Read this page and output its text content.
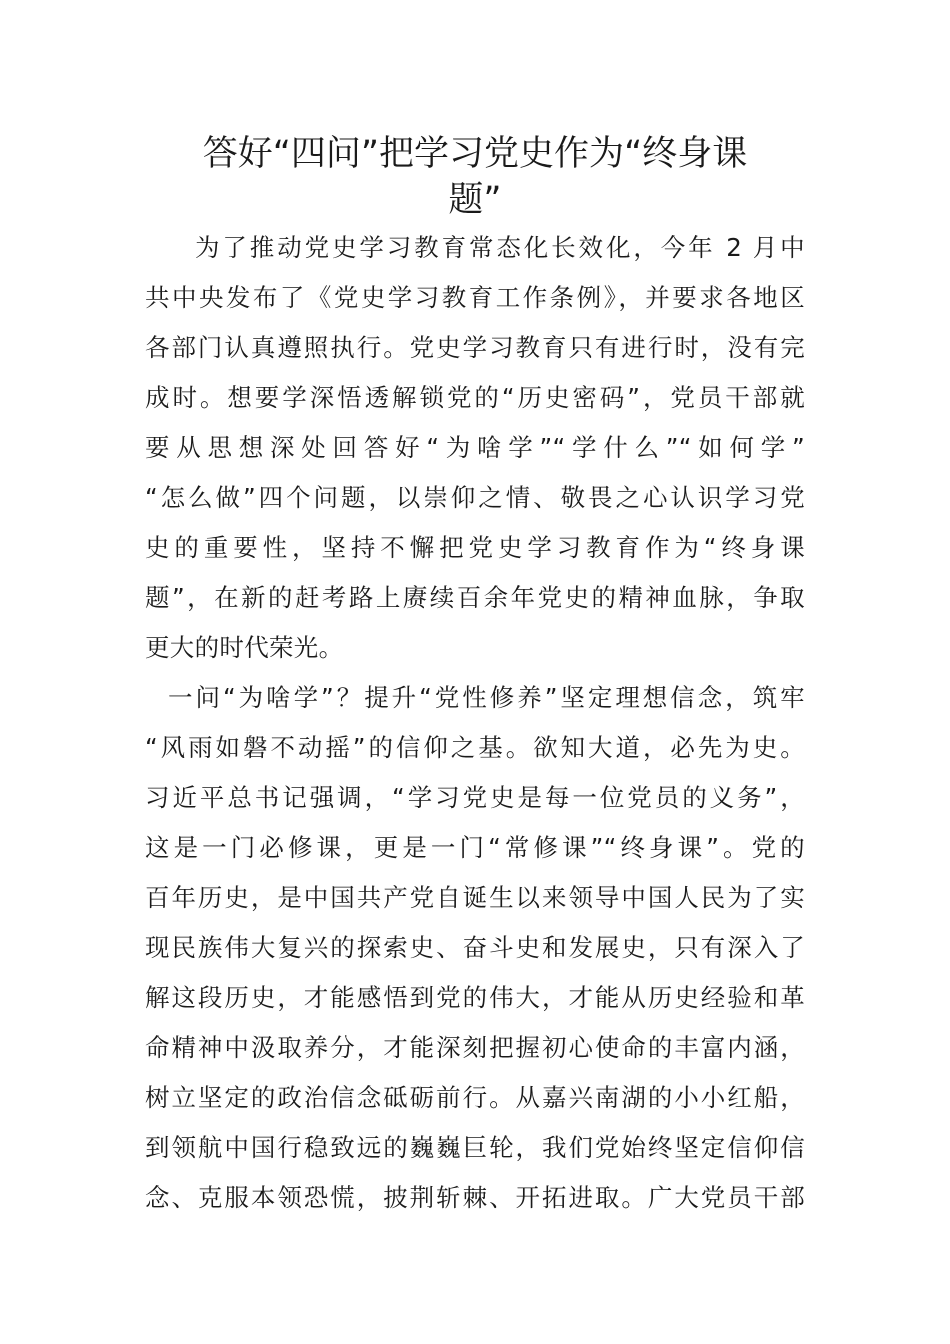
答好“四问”把学习党史作为“终身课
题”
为了推动党史学习教育常态化长效化，今年 2 月中
共中央发布了《党史学习教育工作条例》，并要求各地区
各部门认真遵照执行。党史学习教育只有进行时，没有完
成时。想要学深悟透解锁党的“历史密码”，党员干部就
要从思想深处回答好“为啥学”“学什么”“如何学”
“怎么做”四个问题，以崇仰之情、敬畏之心认识学习党
史的重要性，坚持不懈把党史学习教育作为“终身课
题”，在新的赶考路上赓续百余年党史的精神血脉，争取
更大的时代荣光。
一问“为啥学”？提升“党性修养”坚定理想信念，筑牢
“风雨如磐不动摇”的信仰之基。欲知大道，必先为史。
习近平总书记强调，“学习党史是每一位党员的义务”，
这是一门必修课，更是一门“常修课”“终身课”。党的
百年历史，是中国共产党自诞生以来领导中国人民为了实
现民族伟大复兴的探索史、奋斗史和发展史，只有深入了
解这段历史，才能感悟到党的伟大，才能从历史经验和革
命精神中汲取养分，才能深刻把握初心使命的丰富内涵，
树立坚定的政治信念砥砺前行。从嘉兴南湖的小小红船，
到领航中国行稳致远的巍巍巨轮，我们党始终坚定信仰信
念、克服本领恐慌，披荆斩棘、开拓进取。广大党员干部
